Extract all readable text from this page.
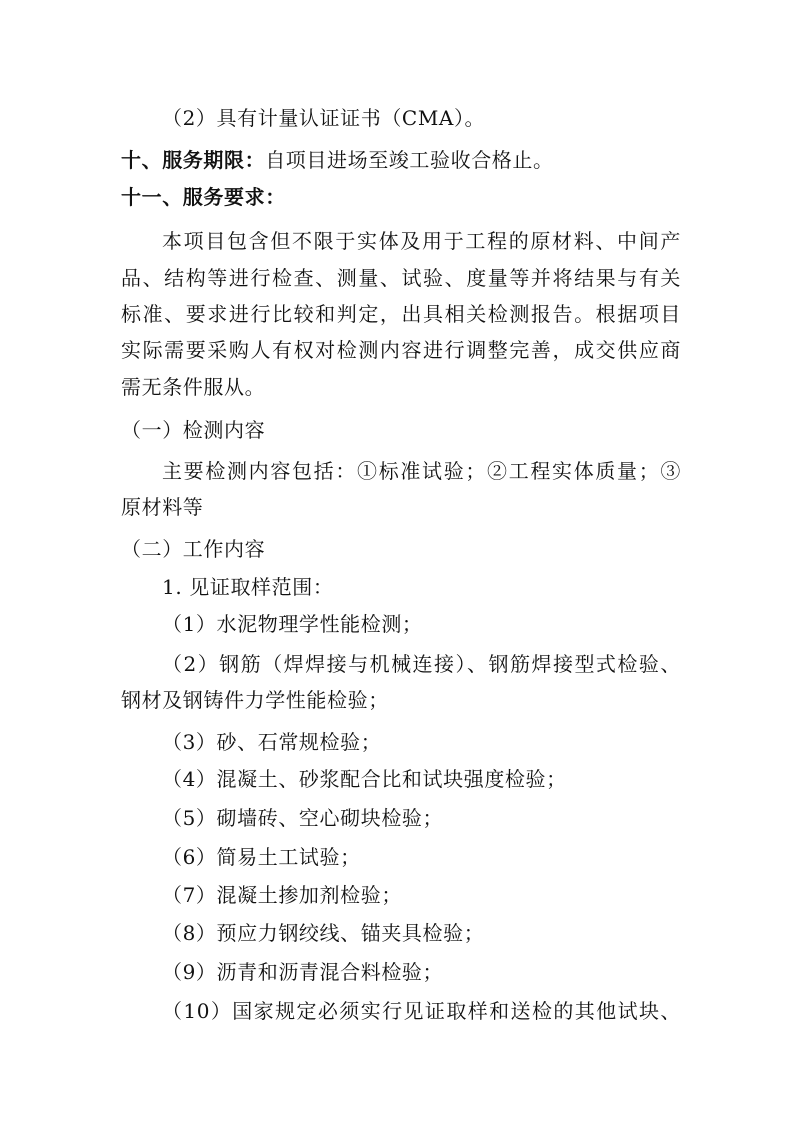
（2）具有计量认证证书（CMA）。
十、服务期限：自项目进场至竣工验收合格止。
十一、服务要求：
本项目包含但不限于实体及用于工程的原材料、中间产
品、结构等进行检查、测量、试验、度量等并将结果与有关
标准、要求进行比较和判定，出具相关检测报告。根据项目
实际需要采购人有权对检测内容进行调整完善，成交供应商
需无条件服从。
（一）检测内容
主要检测内容包括：①标准试验；②工程实体质量；③
原材料等
（二）工作内容
1. 见证取样范围：
（1）水泥物理学性能检测；
（2）钢筋（焊焊接与机械连接）、钢筋焊接型式检验、
钢材及钢铸件力学性能检验；
（3）砂、石常规检验；
（4）混凝土、砂浆配合比和试块强度检验；
（5）砌墙砖、空心砌块检验；
（6）简易土工试验；
（7）混凝土掺加剂检验；
（8）预应力钢绞线、锚夹具检验；
（9）沥青和沥青混合料检验；
（10）国家规定必须实行见证取样和送检的其他试块、
